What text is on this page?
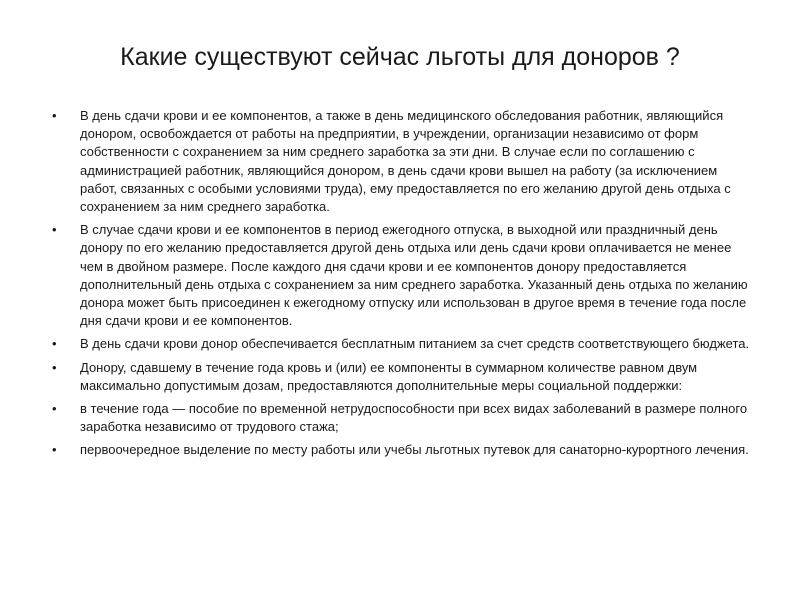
Какие существуют сейчас льготы для доноров ?
• В день сдачи крови и ее компонентов, а также в день медицинского обследования работник, являющийся донором, освобождается от работы на предприятии, в учреждении, организации независимо от форм собственности с сохранением за ним среднего заработка за эти дни. В случае если по соглашению с администрацией работник, являющийся донором, в день сдачи крови вышел на работу (за исключением работ, связанных с особыми условиями труда), ему предоставляется по его желанию другой день отдыха с сохранением за ним среднего заработка.
• В случае сдачи крови и ее компонентов в период ежегодного отпуска, в выходной или праздничный день донору по его желанию предоставляется другой день отдыха или день сдачи крови оплачивается не менее чем в двойном размере. После каждого дня сдачи крови и ее компонентов донору предоставляется дополнительный день отдыха с сохранением за ним среднего заработка. Указанный день отдыха по желанию донора может быть присоединен к ежегодному отпуску или использован в другое время в течение года после дня сдачи крови и ее компонентов.
• В день сдачи крови донор обеспечивается бесплатным питанием за счет средств соответствующего бюджета.
• Донору, сдавшему в течение года кровь и (или) ее компоненты в суммарном количестве равном двум максимально допустимым дозам, предоставляются дополнительные меры социальной поддержки:
• в течение года — пособие по временной нетрудоспособности при всех видах заболеваний в размере полного заработка независимо от трудового стажа;
• первоочередное выделение по месту работы или учебы льготных путевок для санаторно-курортного лечения.
